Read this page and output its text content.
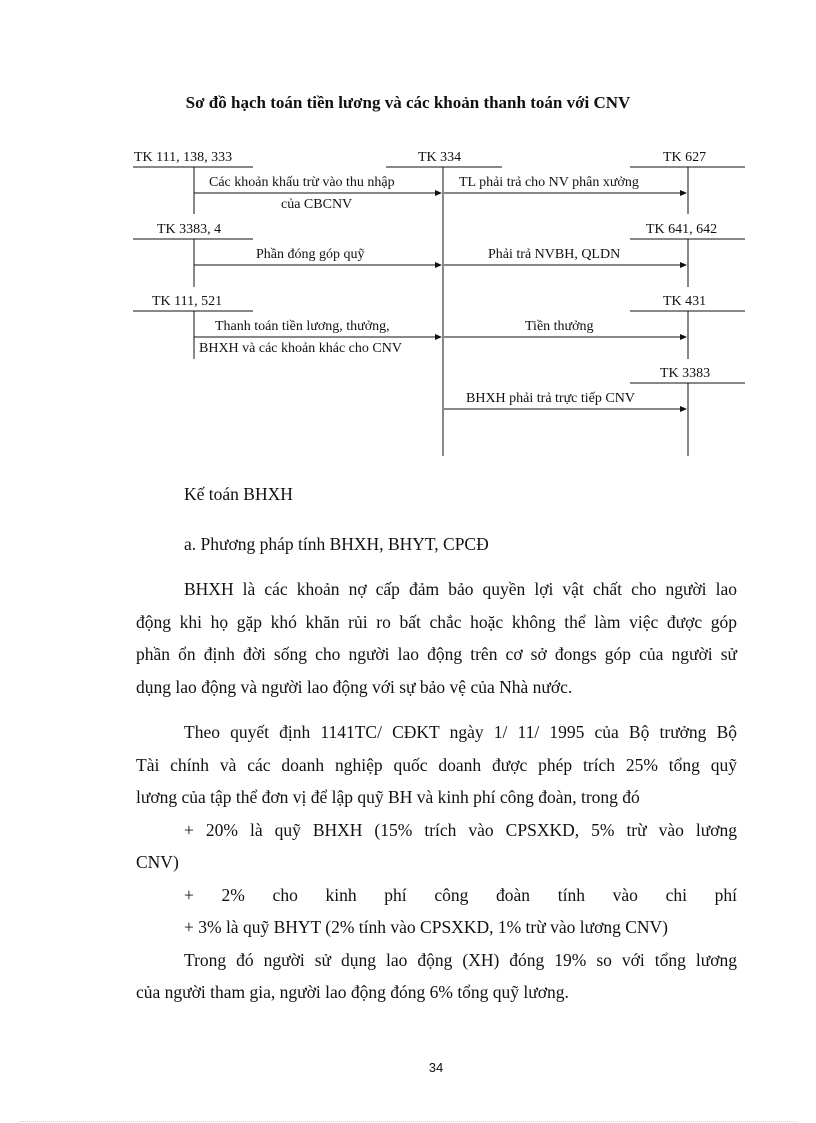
Sơ đồ hạch toán tiền lương và các khoản thanh toán với CNV
TK 111, 138, 333	TK 334	TK 627
TK 3383, 4	TK 641, 642
TK 111, 521	TK 431
TK 3383
Các khoản khấu trừ vào thu nhập
của CBCNV
TL phải trả cho NV phân xưởng
Phần đóng góp quỹ	Phải trả NVBH, QLDN
Thanh toán tiền lương, thưởng,
BHXH và các khoản khác cho CNV
Tiền thưởng
BHXH phải trả trực tiếp CNV
Kế toán BHXH
a. Phương pháp tính BHXH, BHYT, CPCĐ
BHXH là các khoản nợ cấp đảm bảo quyền lợi vật chất cho người lao
động khi họ gặp khó khăn rủi ro bất chắc hoặc không thể làm việc được góp
phần ổn định đời sống cho người lao động trên cơ sở đongs góp của người sử
dụng lao động và người lao động với sự bảo vệ của Nhà nước.
Theo quyết định 1141TC/ CĐKT ngày 1/ 11/ 1995 của Bộ trưởng Bộ
Tài chính và các doanh nghiệp quốc doanh được phép trích 25% tổng quỹ
lương của tập thể đơn vị để lập quỹ BH và kinh phí công đoàn, trong đó
+ 20% là quỹ BHXH (15% trích vào CPSXKD, 5% trừ vào lương
CNV)
+ 2% cho kinh phí công đoàn tính vào chi phí
+ 3% là quỹ BHYT (2% tính vào CPSXKD, 1% trừ vào lương CNV)
Trong đó người sử dụng lao động (XH) đóng 19% so với tổng lương
của người tham gia, người lao động đóng 6% tổng quỹ lương.
34
